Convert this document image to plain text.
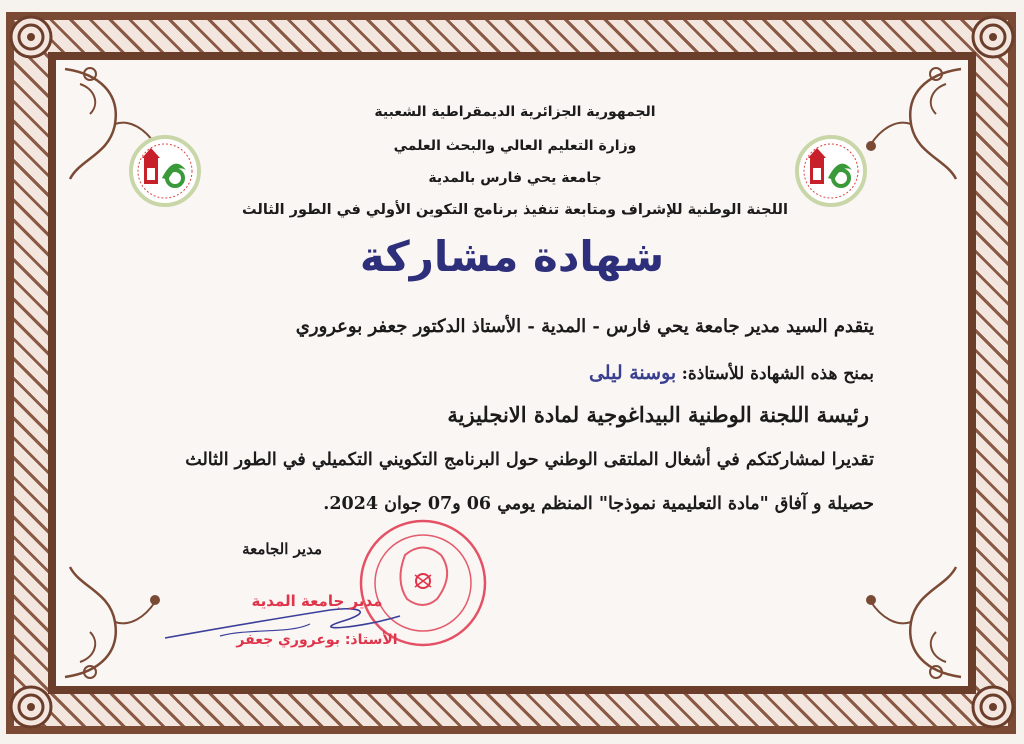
الجمهورية الجزائرية الديمقراطية الشعبية
وزارة التعليم العالي والبحث العلمي
جامعة يحي فارس بالمدية
اللجنة الوطنية للإشراف ومتابعة تنفيذ برنامج التكوين الأولي في الطور الثالث
شهادة مشاركة
يتقدم السيد مدير جامعة يحي فارس - المدية - الأستاذ الدكتور جعفر بوعروري
بمنح هذه الشهادة للأستاذة: بوسنة ليلى
رئيسة اللجنة الوطنية البيداغوجية لمادة الانجليزية
تقديرا لمشاركتكم في أشغال الملتقى الوطني حول البرنامج التكويني التكميلي في الطور الثالث
حصيلة و آفاق "مادة التعليمية نموذجا" المنظم يومي 06 و07 جوان 2024.
مدير الجامعة
مدير جامعة المدية
الأستاذ: بوعروري جعفر
